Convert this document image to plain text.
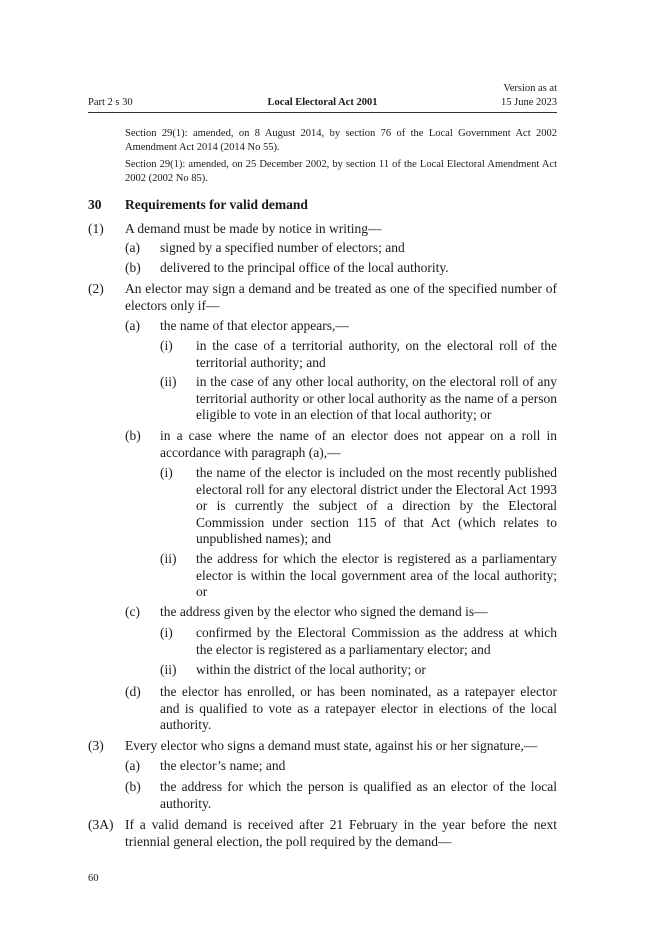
Version as at
Part 2 s 30	Local Electoral Act 2001	15 June 2023
Section 29(1): amended, on 8 August 2014, by section 76 of the Local Government Act 2002 Amendment Act 2014 (2014 No 55).
Section 29(1): amended, on 25 December 2002, by section 11 of the Local Electoral Amendment Act 2002 (2002 No 85).
30 Requirements for valid demand
(1) A demand must be made by notice in writing—
(a) signed by a specified number of electors; and
(b) delivered to the principal office of the local authority.
(2) An elector may sign a demand and be treated as one of the specified number of electors only if—
(a) the name of that elector appears,—
(i) in the case of a territorial authority, on the electoral roll of the territorial authority; and
(ii) in the case of any other local authority, on the electoral roll of any territorial authority or other local authority as the name of a person eligible to vote in an election of that local authority; or
(b) in a case where the name of an elector does not appear on a roll in accordance with paragraph (a),—
(i) the name of the elector is included on the most recently published electoral roll for any electoral district under the Electoral Act 1993 or is currently the subject of a direction by the Electoral Commission under section 115 of that Act (which relates to unpublished names); and
(ii) the address for which the elector is registered as a parliamentary elector is within the local government area of the local authority; or
(c) the address given by the elector who signed the demand is—
(i) confirmed by the Electoral Commission as the address at which the elector is registered as a parliamentary elector; and
(ii) within the district of the local authority; or
(d) the elector has enrolled, or has been nominated, as a ratepayer elector and is qualified to vote as a ratepayer elector in elections of the local authority.
(3) Every elector who signs a demand must state, against his or her signature,—
(a) the elector’s name; and
(b) the address for which the person is qualified as an elector of the local authority.
(3A) If a valid demand is received after 21 February in the year before the next triennial general election, the poll required by the demand—
60
